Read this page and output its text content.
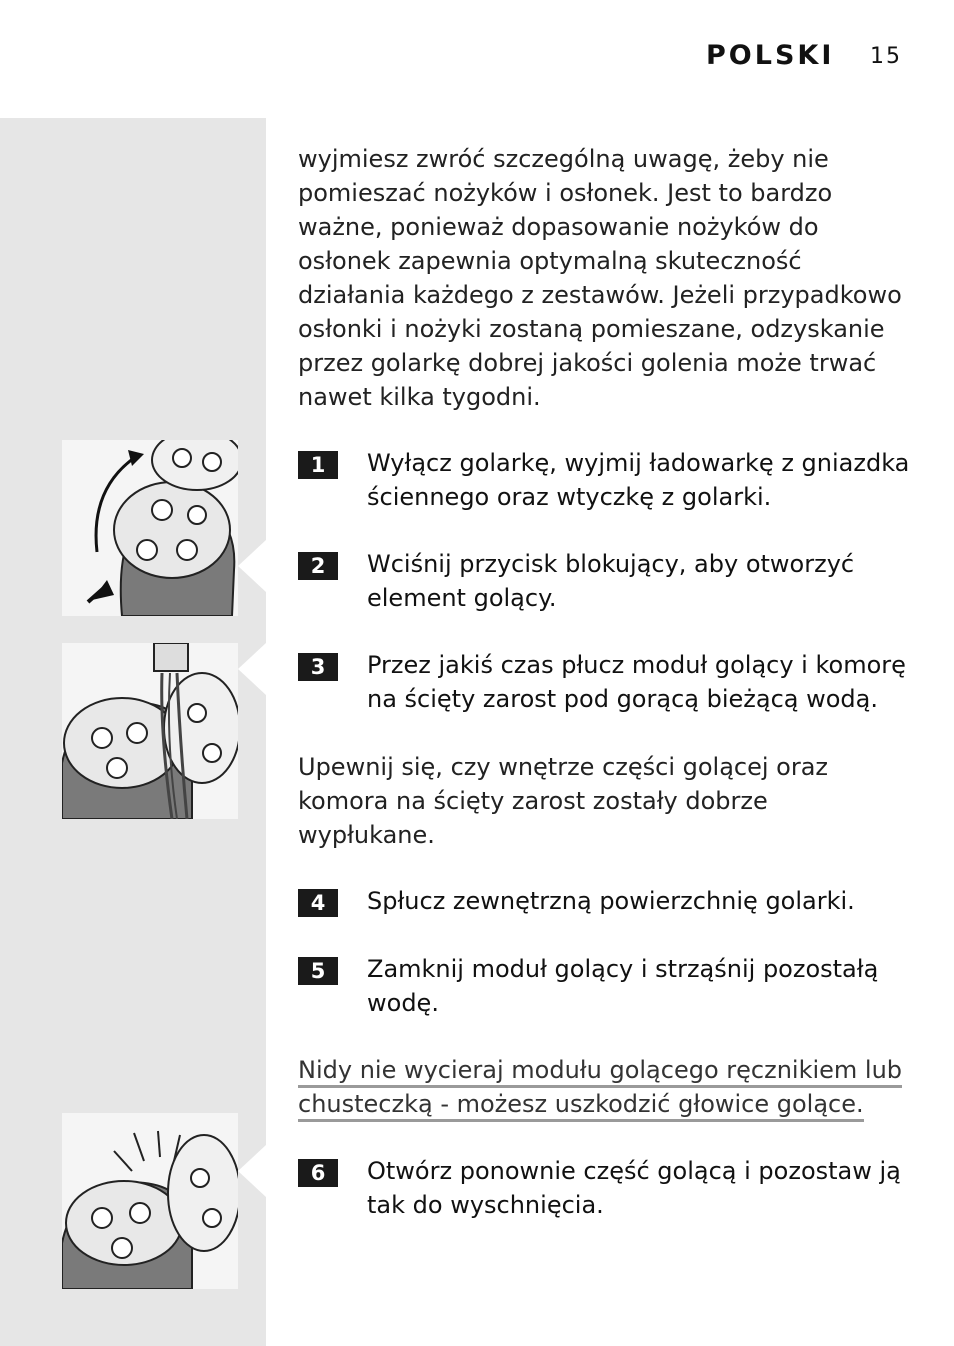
POLSKI 15
wyjmiesz zwróć szczególną uwagę, żeby nie pomieszać nożyków i osłonek. Jest to bardzo ważne, ponieważ dopasowanie nożyków do osłonek zapewnia optymalną skuteczność działania każdego z zestawów. Jeżeli przypadkowo osłonki i nożyki zostaną pomieszane, odzyskanie przez golarkę dobrej jakości golenia może trwać nawet kilka tygodni.
1	Wyłącz golarkę, wyjmij ładowarkę z gniazdka ściennego oraz wtyczkę z golarki.
2	Wciśnij przycisk blokujący, aby otworzyć element golący.
3	Przez jakiś czas płucz moduł golący i komorę na ścięty zarost pod gorącą bieżącą wodą.
Upewnij się, czy wnętrze części golącej oraz komora na ścięty zarost zostały dobrze wypłukane.
4	Spłucz zewnętrzną powierzchnię golarki.
5	Zamknij moduł golący i strząśnij pozostałą wodę.
Nidy nie wycieraj modułu golącego ręcznikiem lub chusteczką - możesz uszkodzić głowice golące.
6	Otwórz ponownie część golącą i pozostaw ją tak do wyschnięcia.
